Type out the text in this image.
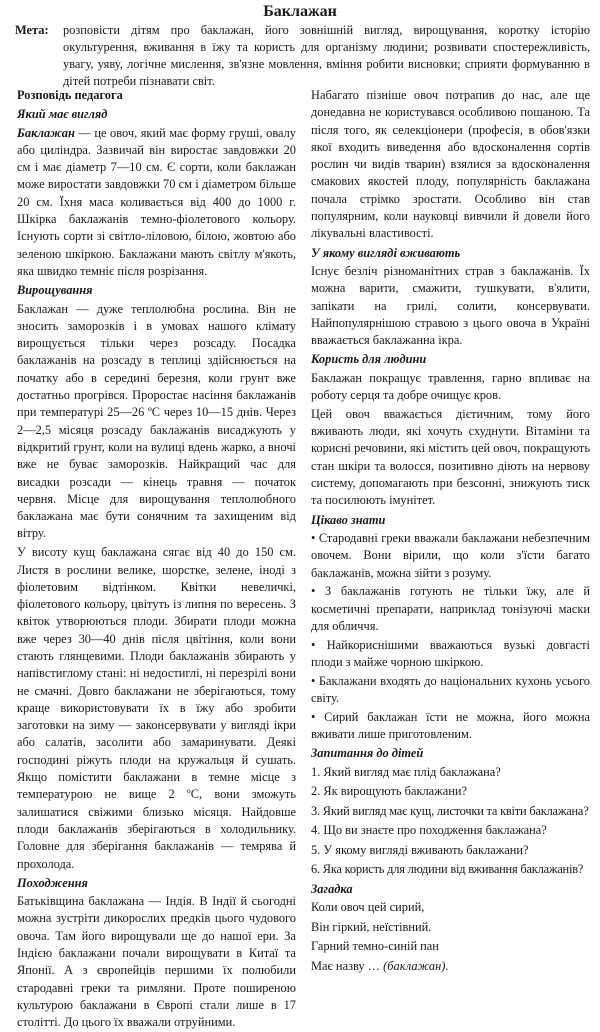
Баклажан
Мета: розповісти дітям про баклажан, його зовнішній вигляд, вирощування, коротку історію окультурення, вживання в їжу та користь для організму людини; розвивати спостережливість, увагу, уяву, логічне мислення, зв'язне мовлення, вміння робити висновки; сприяти формуванню в дітей потреби пізнавати світ.
Розповідь педагога
Який має вигляд

Баклажан — це овоч, який має форму груші, овалу або циліндра. Зазвичай він виростає завдовжки 20 см і має діаметр 7—10 см. Є сорти, коли баклажан може виростати завдовжки 70 см і діаметром більше 20 см. Їхня маса коливається від 400 до 1000 г. Шкірка баклажанів темно-фіолетового кольору. Існують сорти зі світло-ліловою, білою, жовтою або зеленою шкіркою. Баклажани мають світлу м'якоть, яка швидко темніє після розрізання.

Вирощування

Баклажан — дуже теплолюбна рослина. Він не зносить заморозків і в умовах нашого клімату вирощується тільки через розсаду. Посадка баклажанів на розсаду в теплиці здійснюється на початку або в середині березня, коли грунт вже достатньо прогрівся. Проростає насіння баклажанів при температурі 25—26 ºС через 10—15 днів. Через 2—2,5 місяця розсаду баклажанів висаджують у відкритий грунт, коли на вулиці вдень жарко, а вночі вже не буває заморозків. Найкращий час для висадки розсади — кінець травня — початок червня. Місце для вирощування теплолюбного баклажана має бути сонячним та захищеним від вітру.

У висоту кущ баклажана сягає від 40 до 150 см. Листя в рослини велике, шорстке, зелене, іноді з фіолетовим відтінком. Квітки невеличкі, фіолетового кольору, цвітуть із липня по вересень. З квіток утворюються плоди. Збирати плоди можна вже через 30—40 днів після цвітіння, коли вони стають глянцевими. Плоди баклажанів збирають у напівстиглому стані: ні недостиглі, ні перезрілі вони не смачні. Довго баклажани не зберігаються, тому краще використовувати їх в їжу або зробити заготовки на зиму — законсервувати у вигляді ікри або салатів, засолити або замаринувати. Деякі господині ріжуть плоди на кружальця й сушать. Якщо помістити баклажани в темне місце з температурою не вище 2 ºС, вони зможуть залишатися свіжими близько місяця. Найдовше плоди баклажанів зберігаються в холодильнику. Головне для зберігання баклажанів — темрява й прохолода.

Походження

Батьківщина баклажана — Індія. В Індії й сьогодні можна зустріти дикорослих предків цього чудового овоча. Там його вирощували ще до нашої ери. За Індією баклажани почали вирощувати в Китаї та Японії. А з європейців першими їх полюбили стародавні греки та римляни. Проте поширеною культурою баклажани в Європі стали лише в 17 столітті. До цього їх вважали отруйними.

Набагато пізніше овоч потрапив до нас, але ще донедавна не користувався особливою пошаною. Та після того, як селекціонери (професія, в обов'язки якої входить виведення або вдосконалення сортів рослин чи видів тварин) взялися за вдосконалення смакових якостей плоду, популярність баклажана почала стрімко зростати. Особливо він став популярним, коли науковці вивчили й довели його лікувальні властивості.

У якому вигляді вживають

Існує безліч різноманітних страв з баклажанів. Їх можна варити, смажити, тушкувати, в'ялити, запікати на грилі, солити, консервувати. Найпопулярнішою стравою з цього овоча в Україні вважається баклажанна ікра.

Користь для людини

Баклажан покращує травлення, гарно впливає на роботу серця та добре очищує кров.

Цей овоч вважається дієтичним, тому його вживають люди, які хочуть схуднути. Вітаміни та корисні речовини, які містить цей овоч, покращують стан шкіри та волосся, позитивно діють на нервову систему, допомагають при безсонні, знижують тиск та посилюють імунітет.

Цікаво знати

• Стародавні греки вважали баклажани небезпечним овочем. Вони вірили, що коли з'їсти багато баклажанів, можна зійти з розуму.

• З баклажанів готують не тільки їжу, але й косметичні препарати, наприклад тонізуючі маски для обличчя.

• Найкориснішими вважаються вузькі довгасті плоди з майже чорною шкіркою.

• Баклажани входять до національних кухонь усього світу.

• Сирий баклажан їсти не можна, його можна вживати лише приготовленим.

Запитання до дітей
1. Який вигляд має плід баклажана?
2. Як вирощують баклажани?
3. Який вигляд має кущ, листочки та квіти баклажана?
4. Що ви знаєте про походження баклажана?
5. У якому вигляді вживають баклажани?
6. Яка користь для людини від вживання баклажанів?
Загадка
Коли овоч цей сирий,
Він гіркий, неїстівний.
Гарний темно-синій пан
Має назву … (баклажан).
